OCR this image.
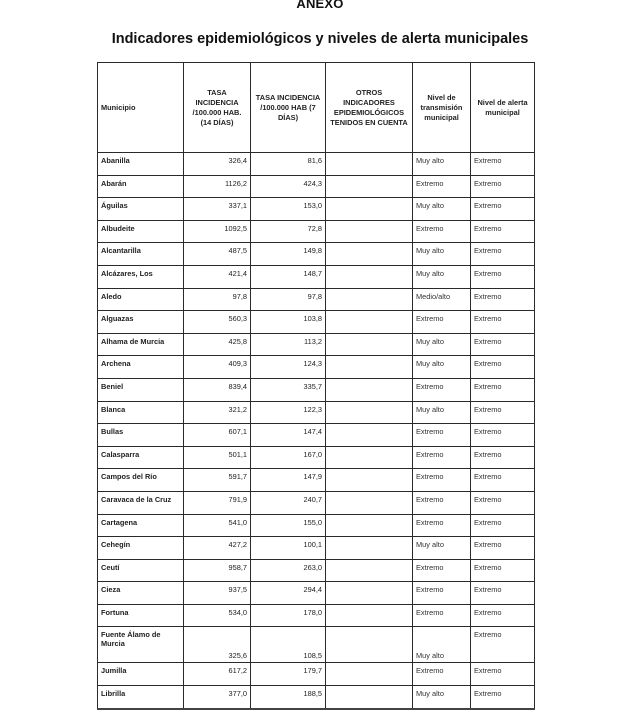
ANEXO
Indicadores epidemiológicos y niveles de alerta municipales
Municipio	TASA INCIDENCIA /100.000 HAB. (14 DÍAS)	TASA INCIDENCIA /100.000 HAB (7 DÍAS)	OTROS INDICADORES EPIDEMIOLÓGICOS TENIDOS EN CUENTA	Nivel de transmisión municipal	Nivel de alerta municipal
Abanilla	326,4	81,6		Muy alto	Extremo
Abarán	1126,2	424,3		Extremo	Extremo
Águilas	337,1	153,0		Muy alto	Extremo
Albudeite	1092,5	72,8		Extremo	Extremo
Alcantarilla	487,5	149,8		Muy alto	Extremo
Alcázares, Los	421,4	148,7		Muy alto	Extremo
Aledo	97,8	97,8		Medio/alto	Extremo
Alguazas	560,3	103,8		Extremo	Extremo
Alhama de Murcia	425,8	113,2		Muy alto	Extremo
Archena	409,3	124,3		Muy alto	Extremo
Beniel	839,4	335,7		Extremo	Extremo
Blanca	321,2	122,3		Muy alto	Extremo
Bullas	607,1	147,4		Extremo	Extremo
Calasparra	501,1	167,0		Extremo	Extremo
Campos del Río	591,7	147,9		Extremo	Extremo
Caravaca de la Cruz	791,9	240,7		Extremo	Extremo
Cartagena	541,0	155,0		Extremo	Extremo
Cehegín	427,2	100,1		Muy alto	Extremo
Ceutí	958,7	263,0		Extremo	Extremo
Cieza	937,5	294,4		Extremo	Extremo
Fortuna	534,0	178,0		Extremo	Extremo
Fuente Álamo de Murcia	325,6	108,5		Muy alto	Extremo
Jumilla	617,2	179,7		Extremo	Extremo
Librilla	377,0	188,5		Muy alto	Extremo
